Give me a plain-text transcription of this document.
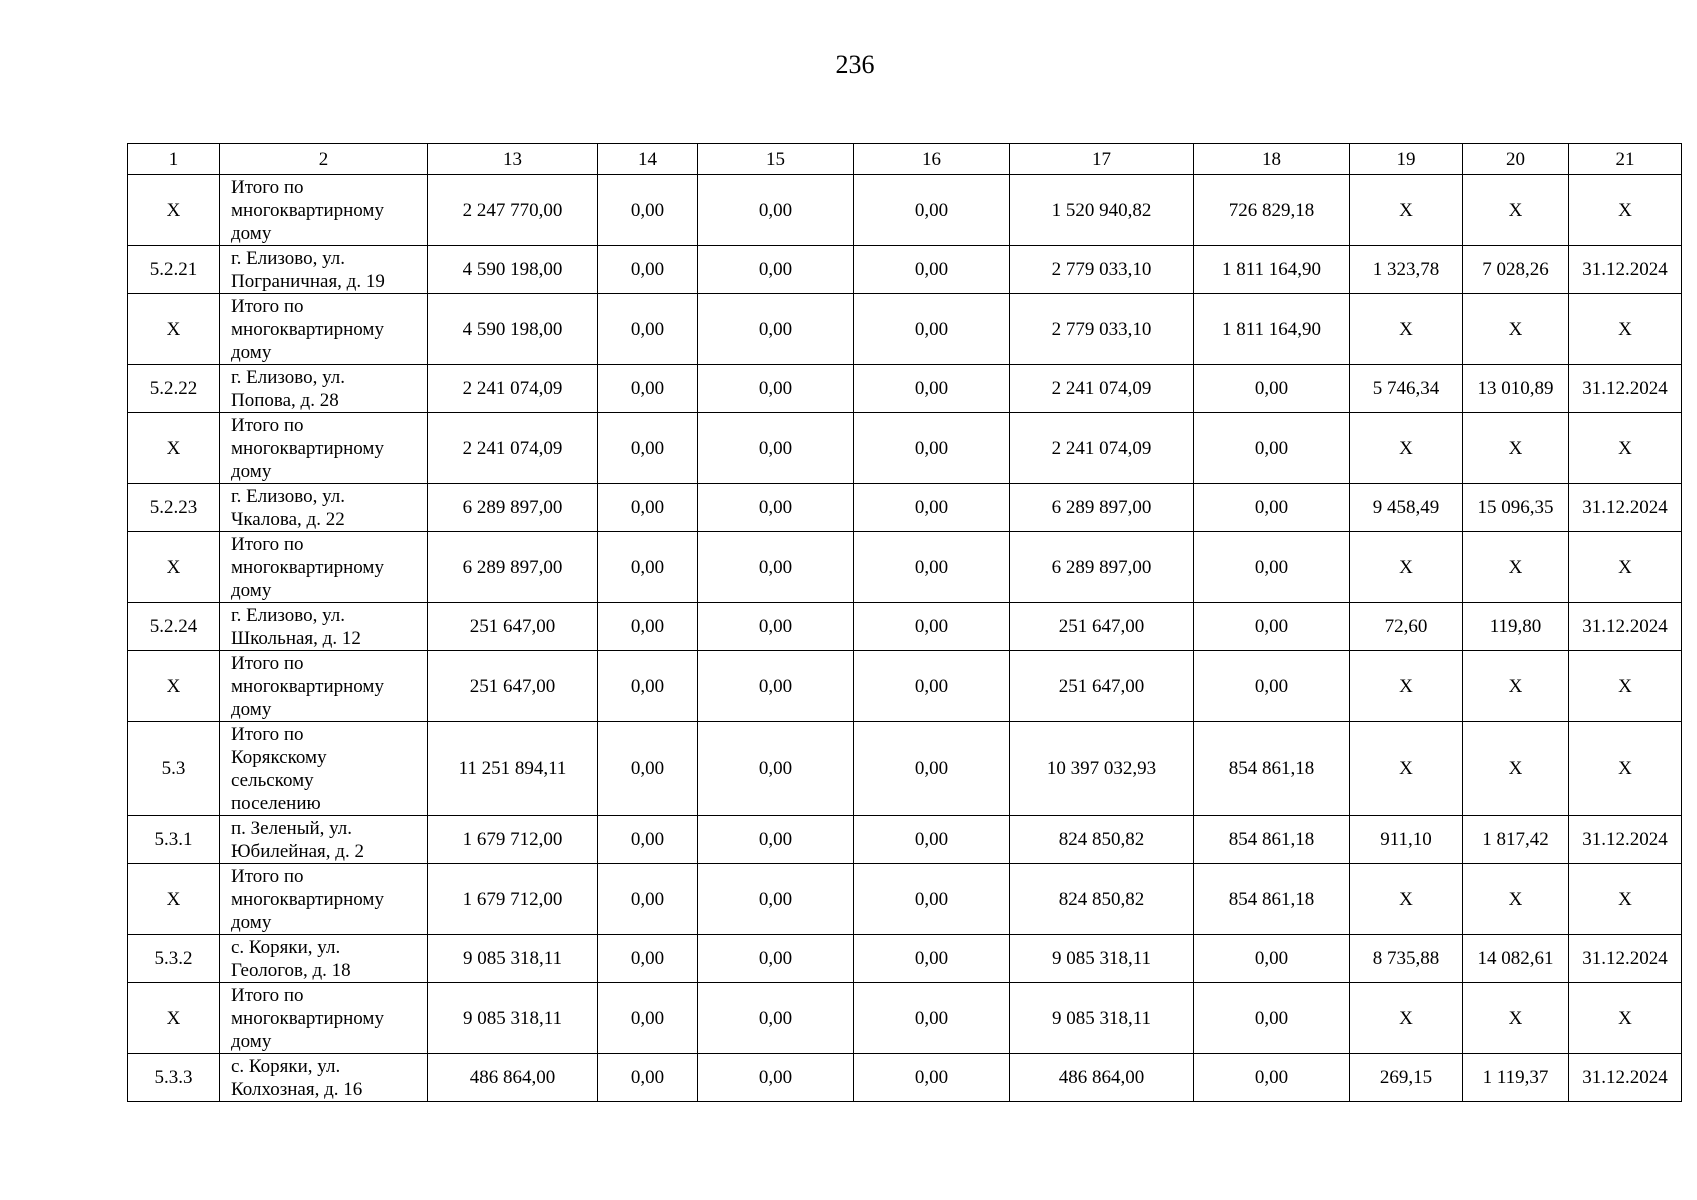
236
1	2	13	14	15	16	17	18	19	20	21
Х	Итого по
многоквартирному
дому	2 247 770,00	0,00	0,00	0,00	1 520 940,82	726 829,18	Х	Х	Х
5.2.21	г. Елизово, ул.
Пограничная, д. 19	4 590 198,00	0,00	0,00	0,00	2 779 033,10	1 811 164,90	1 323,78	7 028,26	31.12.2024
Х	Итого по
многоквартирному
дому	4 590 198,00	0,00	0,00	0,00	2 779 033,10	1 811 164,90	Х	Х	Х
5.2.22	г. Елизово, ул.
Попова, д. 28	2 241 074,09	0,00	0,00	0,00	2 241 074,09	0,00	5 746,34	13 010,89	31.12.2024
Х	Итого по
многоквартирному
дому	2 241 074,09	0,00	0,00	0,00	2 241 074,09	0,00	Х	Х	Х
5.2.23	г. Елизово, ул.
Чкалова, д. 22	6 289 897,00	0,00	0,00	0,00	6 289 897,00	0,00	9 458,49	15 096,35	31.12.2024
Х	Итого по
многоквартирному
дому	6 289 897,00	0,00	0,00	0,00	6 289 897,00	0,00	Х	Х	Х
5.2.24	г. Елизово, ул.
Школьная, д. 12	251 647,00	0,00	0,00	0,00	251 647,00	0,00	72,60	119,80	31.12.2024
Х	Итого по
многоквартирному
дому	251 647,00	0,00	0,00	0,00	251 647,00	0,00	Х	Х	Х
5.3	Итого по
Корякскому
сельскому
поселению	11 251 894,11	0,00	0,00	0,00	10 397 032,93	854 861,18	Х	Х	Х
5.3.1	п. Зеленый, ул.
Юбилейная, д. 2	1 679 712,00	0,00	0,00	0,00	824 850,82	854 861,18	911,10	1 817,42	31.12.2024
Х	Итого по
многоквартирному
дому	1 679 712,00	0,00	0,00	0,00	824 850,82	854 861,18	Х	Х	Х
5.3.2	с. Коряки, ул.
Геологов, д. 18	9 085 318,11	0,00	0,00	0,00	9 085 318,11	0,00	8 735,88	14 082,61	31.12.2024
Х	Итого по
многоквартирному
дому	9 085 318,11	0,00	0,00	0,00	9 085 318,11	0,00	Х	Х	Х
5.3.3	с. Коряки, ул.
Колхозная, д. 16	486 864,00	0,00	0,00	0,00	486 864,00	0,00	269,15	1 119,37	31.12.2024
